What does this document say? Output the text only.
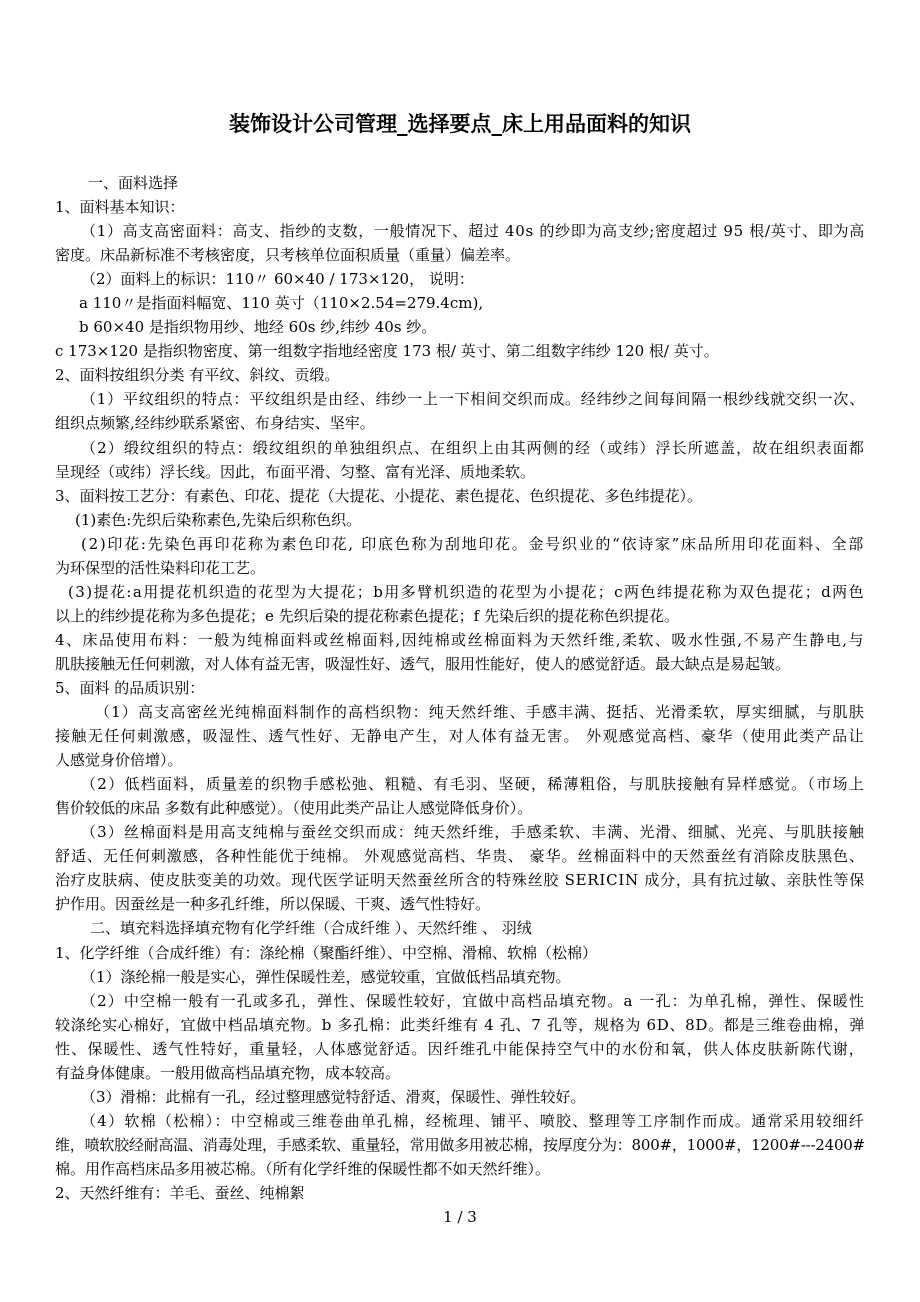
装饰设计公司管理_选择要点_床上用品面料的知识
一、面料选择
1、面料基本知识：
（1）高支高密面料：高支、指纱的支数，一般情况下、超过 40s 的纱即为高支纱;密度超过 95 根/英寸、即为高
密度。床品新标准不考核密度，只考核单位面积质量（重量）偏差率。
（2）面料上的标识：110〃 60×40 / 173×120， 说明：
a 110〃是指面料幅宽、110 英寸（110×2.54=279.4cm),
b 60×40 是指织物用纱、地经 60s 纱,纬纱 40s 纱。
c 173×120 是指织物密度、第一组数字指地经密度 173 根/ 英寸、第二组数字纬纱 120 根/ 英寸。
2、面料按组织分类 有平纹、斜纹、贡缎。
（1）平纹组织的特点：平纹组织是由经、纬纱一上一下相间交织而成。经纬纱之间每间隔一根纱线就交织一次、
组织点频繁,经纬纱联系紧密、布身结实、坚牢。
（2）缎纹组织的特点：缎纹组织的单独组织点、在组织上由其两侧的经（或纬）浮长所遮盖，故在组织表面都
呈现经（或纬）浮长线。因此，布面平滑、匀整、富有光泽、质地柔软。
3、面料按工艺分：有素色、印花、提花（大提花、小提花、素色提花、色织提花、多色纬提花）。
(1)素色:先织后染称素色,先染后织称色织。
(2)印花:先染色再印花称为素色印花, 印底色称为刮地印花。金号织业的“依诗家”床品所用印花面料、全部
为环保型的活性染料印花工艺。
(3)提花:a用提花机织造的花型为大提花；b用多臂机织造的花型为小提花；c两色纬提花称为双色提花；d两色
以上的纬纱提花称为多色提花；e 先织后染的提花称素色提花；f 先染后织的提花称色织提花。
4、床品使用布料：一般为纯棉面料或丝棉面料,因纯棉或丝棉面料为天然纤维,柔软、吸水性强,不易产生静电,与
肌肤接触无任何刺激，对人体有益无害，吸湿性好、透气，服用性能好，使人的感觉舒适。最大缺点是易起皱。
5、面料 的品质识别：
（1）高支高密丝光纯棉面料制作的高档织物：纯天然纤维、手感丰满、挺括、光滑柔软，厚实细腻，与肌肤
接触无任何刺激感，吸湿性、透气性好、无静电产生，对人体有益无害。 外观感觉高档、豪华（使用此类产品让
人感觉身价倍增）。
（2）低档面料，质量差的织物手感松弛、粗糙、有毛羽、坚硬，稀薄粗俗，与肌肤接触有异样感觉。（市场上
售价较低的床品 多数有此种感觉）。（使用此类产品让人感觉降低身价）。
（3）丝棉面料是用高支纯棉与蚕丝交织而成：纯天然纤维，手感柔软、丰满、光滑、细腻、光亮、与肌肤接触
舒适、无任何刺激感，各种性能优于纯棉。 外观感觉高档、华贵、 豪华。丝棉面料中的天然蚕丝有消除皮肤黑色、
治疗皮肤病、使皮肤变美的功效。现代医学证明天然蚕丝所含的特殊丝胶 SERICIN 成分，具有抗过敏、亲肤性等保
护作用。因蚕丝是一种多孔纤维，所以保暖、干爽、透气性特好。
二、填充料选择填充物有化学纤维（合成纤维 ）、天然纤维 、 羽绒
1、化学纤维（合成纤维）有：涤纶棉（聚酯纤维）、中空棉、滑棉、软棉（松棉）
（1）涤纶棉一般是实心，弹性保暖性差，感觉较重，宜做低档品填充物。
（2）中空棉一般有一孔或多孔，弹性、保暖性较好，宜做中高档品填充物。a 一孔：为单孔棉，弹性、保暖性
较涤纶实心棉好，宜做中档品填充物。b 多孔棉：此类纤维有 4 孔、7 孔等，规格为 6D、8D。都是三维卷曲棉，弹
性、保暖性、透气性特好，重量轻，人体感觉舒适。因纤维孔中能保持空气中的水份和氧，供人体皮肤新陈代谢，
有益身体健康。一般用做高档品填充物，成本较高。
（3）滑棉：此棉有一孔，经过整理感觉特舒适、滑爽，保暖性、弹性较好。
（4）软棉（松棉）：中空棉或三维卷曲单孔棉，经梳理、铺平、喷胶、整理等工序制作而成。通常采用较细纤
维，喷软胶经耐高温、消毒处理，手感柔软、重量轻，常用做多用被芯棉，按厚度分为：800#，1000#，1200#---2400#
棉。用作高档床品多用被芯棉。（所有化学纤维的保暖性都不如天然纤维）。
2、天然纤维有：羊毛、蚕丝、纯棉絮
1 / 3
